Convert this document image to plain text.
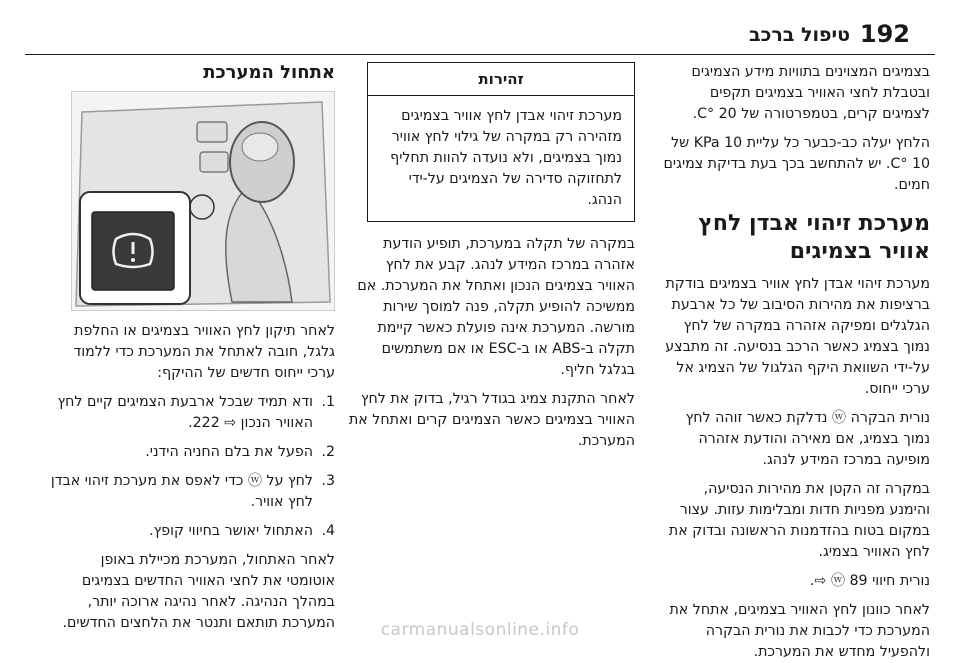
192
טיפול ברכב

בצמיגים המצוינים בתוויות מידע הצמיגים ובטבלת לחצי האוויר בצמיגים תקפים לצמיגים קרים, בטמפרטורה של 20 °C.

הלחץ יעלה כב-כבער כל עליית 10 KPa של 10 °C. יש להתחשב בכך בעת בדיקת צמיגים חמים.

מערכת זיהוי אבדן לחץ אוויר בצמיגים

מערכת זיהוי אבדן לחץ אוויר בצמיגים בודקת ברציפות את מהירות הסיבוב של כל ארבעת הגלגלים ומפיקה אזהרה במקרה של לחץ נמוך בצמיג כאשר הרכב בנסיעה. זה מתבצע על-ידי השוואת היקף הגלגול של הצמיג אל ערכי ייחוס.

נורית הבקרה ⓦ נדלקת כאשר זוהה לחץ נמוך בצמיג, אם מאירה והודעת אזהרה מופיעה במרכז המידע לנהג.

במקרה זה הקטן את מהירות הנסיעה, והימנע מפניות חדות ומבלימות עזות. עצור במקום בטוח בהזדמנות הראשונה ובדוק את לחץ האוויר בצמיג.

נורית חיווי ⓦ 89 ⇨.

לאחר כוונון לחץ האוויר בצמיגים, אתחל את המערכת כדי לכבות את נורית הבקרה ולהפעיל מחדש את המערכת.

זהירות
מערכת זיהוי אבדן לחץ אוויר בצמיגים מזהירה רק במקרה של גילוי לחץ אוויר נמוך בצמיגים, ולא נועדה להוות תחליף לתחזוקה סדירה של הצמיגים על-ידי הנהג.

במקרה של תקלה במערכת, תופיע הודעת אזהרה במרכז המידע לנהג. קבע את לחץ האוויר בצמיגים הנכון ואתחל את המערכת. אם ממשיכה להופיע תקלה, פנה למוסך שירות מורשה. המערכת אינה פועלת כאשר קיימת תקלה ב-ABS או ב-ESC או אם משתמשים בגלגל חליף.

לאחר התקנת צמיג בגודל רגיל, בדוק את לחץ האוויר בצמיגים כאשר הצמיגים קרים ואתחל את המערכת.

אתחול המערכת

לאחר תיקון לחץ האוויר בצמיגים או החלפת גלגל, חובה לאתחל את המערכת כדי ללמוד ערכי ייחוס חדשים של ההיקף:

1.
ודא תמיד שבכל ארבעת הצמיגים קיים לחץ האוויר הנכון ⇨ 222.
2.
הפעל את בלם החניה הידני.
3.
לחץ על ⓦ כדי לאפס את מערכת זיהוי אבדן לחץ אוויר.
4.
האתחול יאושר בחיווי קופץ.

לאחר האתחול, המערכת מכיילת באופן אוטומטי את לחצי האוויר החדשים בצמיגים במהלך הנהיגה. לאחר נהיגה ארוכה יותר, המערכת תותאם ותנטר את הלחצים החדשים.	carmanualsonline.info
